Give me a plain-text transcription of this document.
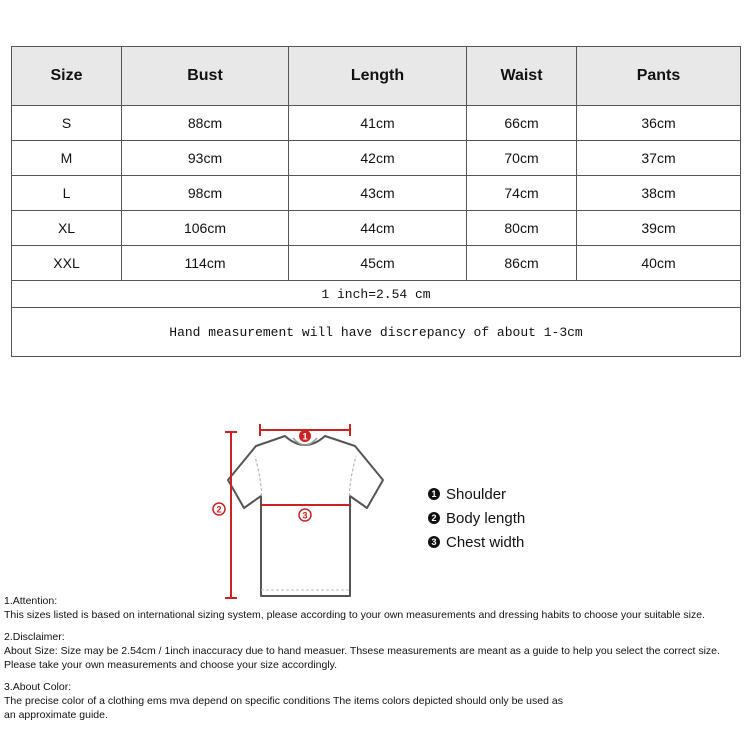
Size	Bust	Length	Waist	Pants
S	88cm	41cm	66cm	36cm
M	93cm	42cm	70cm	37cm
L	98cm	43cm	74cm	38cm
XL	106cm	44cm	80cm	39cm
XXL	114cm	45cm	86cm	40cm
1 inch=2.54 cm				
Hand measurement will have discrepancy of about 1-3cm				
1
2
3
1 Shoulder
2 Body length
3 Chest width

1.Attention:
This sizes listed is based on international sizing system, please according to your own measurements and dressing habits to choose your suitable size.

2.Disclaimer:
About Size: Size may be 2.54cm / 1inch inaccuracy due to hand measuer. Thsese measurements are meant as a guide to help you select the correct size.
Please take your own measurements and choose your size accordingly.

3.About Color:
The precise color of a clothing ems mva depend on specific conditions The items colors depicted should only be used as
an approximate guide.
